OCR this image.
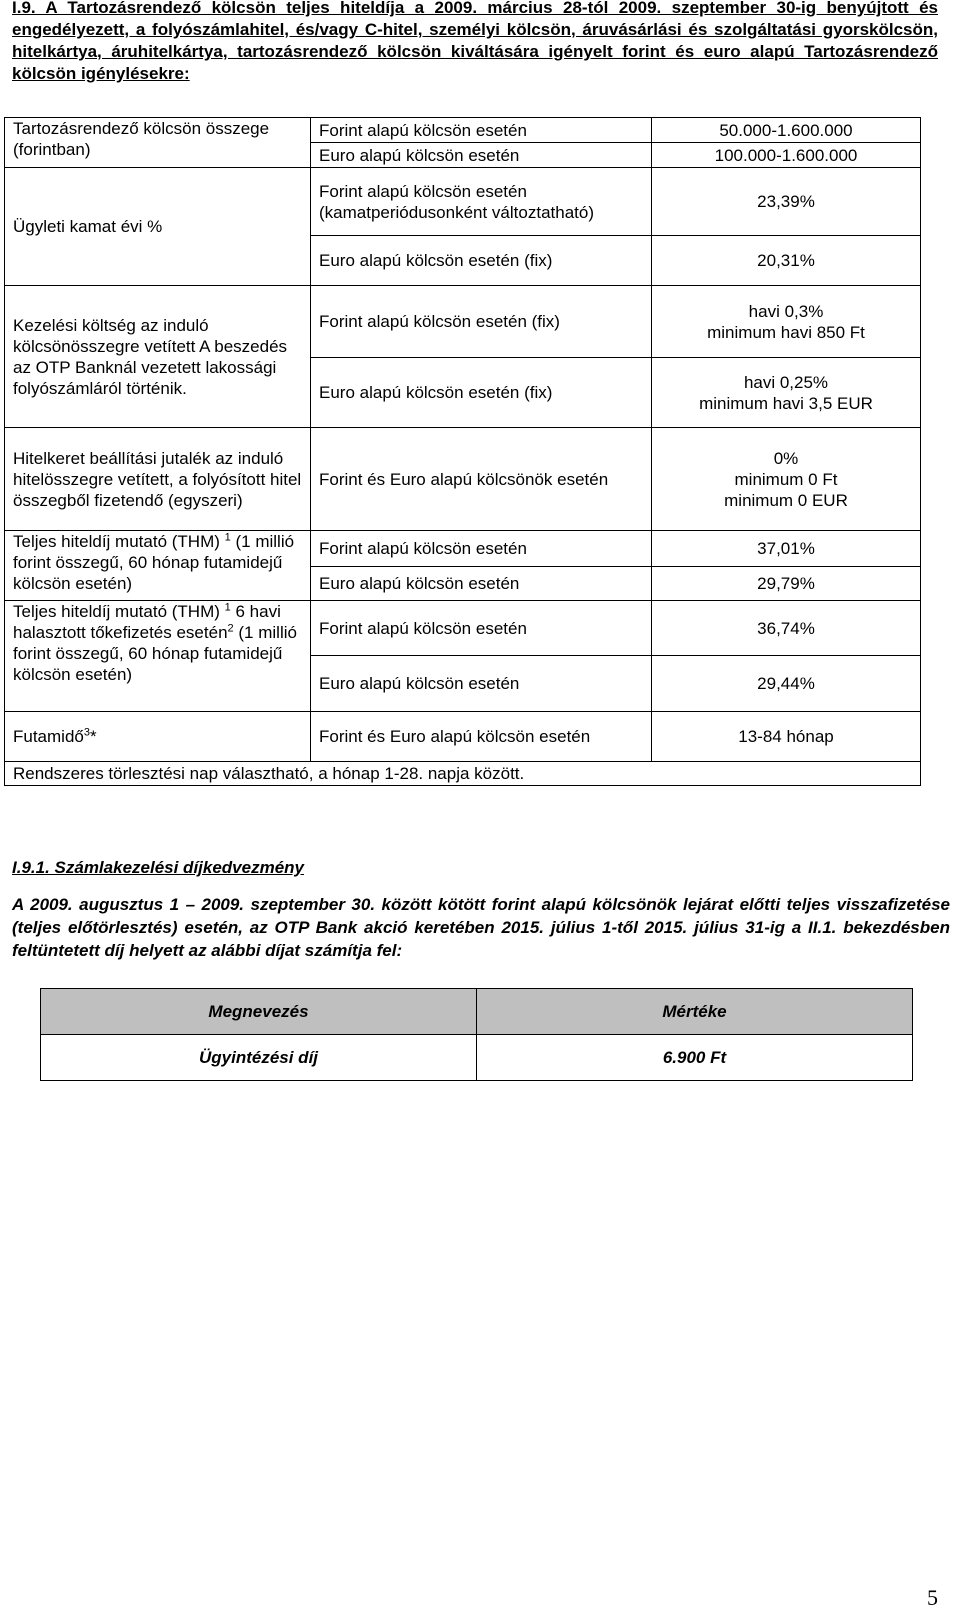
I.9. A Tartozásrendező kölcsön teljes hiteldíja a 2009. március 28-tól 2009. szeptember 30-ig benyújtott és engedélyezett, a folyószámlahitel, és/vagy C-hitel, személyi kölcsön, áruvásárlási és szolgáltatási gyorskölcsön, hitelkártya, áruhitelkártya, tartozásrendező kölcsön kiváltására igényelt forint és euro alapú Tartozásrendező kölcsön igénylésekre:
Tartozásrendező kölcsön összege (forintban)	Forint alapú kölcsön esetén	50.000-1.600.000
	Euro alapú kölcsön esetén	100.000-1.600.000
Ügyleti kamat évi %	Forint alapú kölcsön esetén (kamatperiódusonként változtatható)	23,39%
	Euro alapú kölcsön esetén (fix)	20,31%
Kezelési költség az induló kölcsönösszegre vetített A beszedés az OTP Banknál vezetett lakossági folyószámláról történik.	Forint alapú kölcsön esetén (fix)	havi 0,3%
minimum havi 850 Ft

	Euro alapú kölcsön esetén (fix)	havi 0,25%
minimum havi 3,5 EUR

Hitelkeret beállítási jutalék az induló hitelösszegre vetített, a folyósított hitel összegből fizetendő (egyszeri)	Forint és Euro alapú kölcsönök esetén	0%
minimum 0 Ft
minimum 0 EUR

Teljes hiteldíj mutató (THM) $^1$ (1 millió forint összegű, 60 hónap futamidejű kölcsön esetén)	Forint alapú kölcsön esetén	37,01%
	Euro alapú kölcsön esetén	29,79%
Teljes hiteldíj mutató (THM) $^1$ 6 havi halasztott tőkefizetés esetén$^2$ (1 millió forint összegű, 60 hónap futamidejű kölcsön esetén)	Forint alapú kölcsön esetén	36,74%
	Euro alapú kölcsön esetén	29,44%
Futamidő$^3$*	Forint és Euro alapú kölcsön esetén	13-84 hónap
Rendszeres törlesztési nap választható, a hónap 1-28. napja között.		
I.9.1. Számlakezelési díjkedvezmény
A 2009. augusztus 1 – 2009. szeptember 30. között kötött forint alapú kölcsönök lejárat előtti teljes visszafizetése (teljes előtörlesztés) esetén, az OTP Bank akció keretében 2015. július 1-től 2015. július 31-ig a II.1. bekezdésben feltüntetett díj helyett az alábbi díjat számítja fel:
Megnevezés	Mértéke
Ügyintézési díj	6.900 Ft
5
